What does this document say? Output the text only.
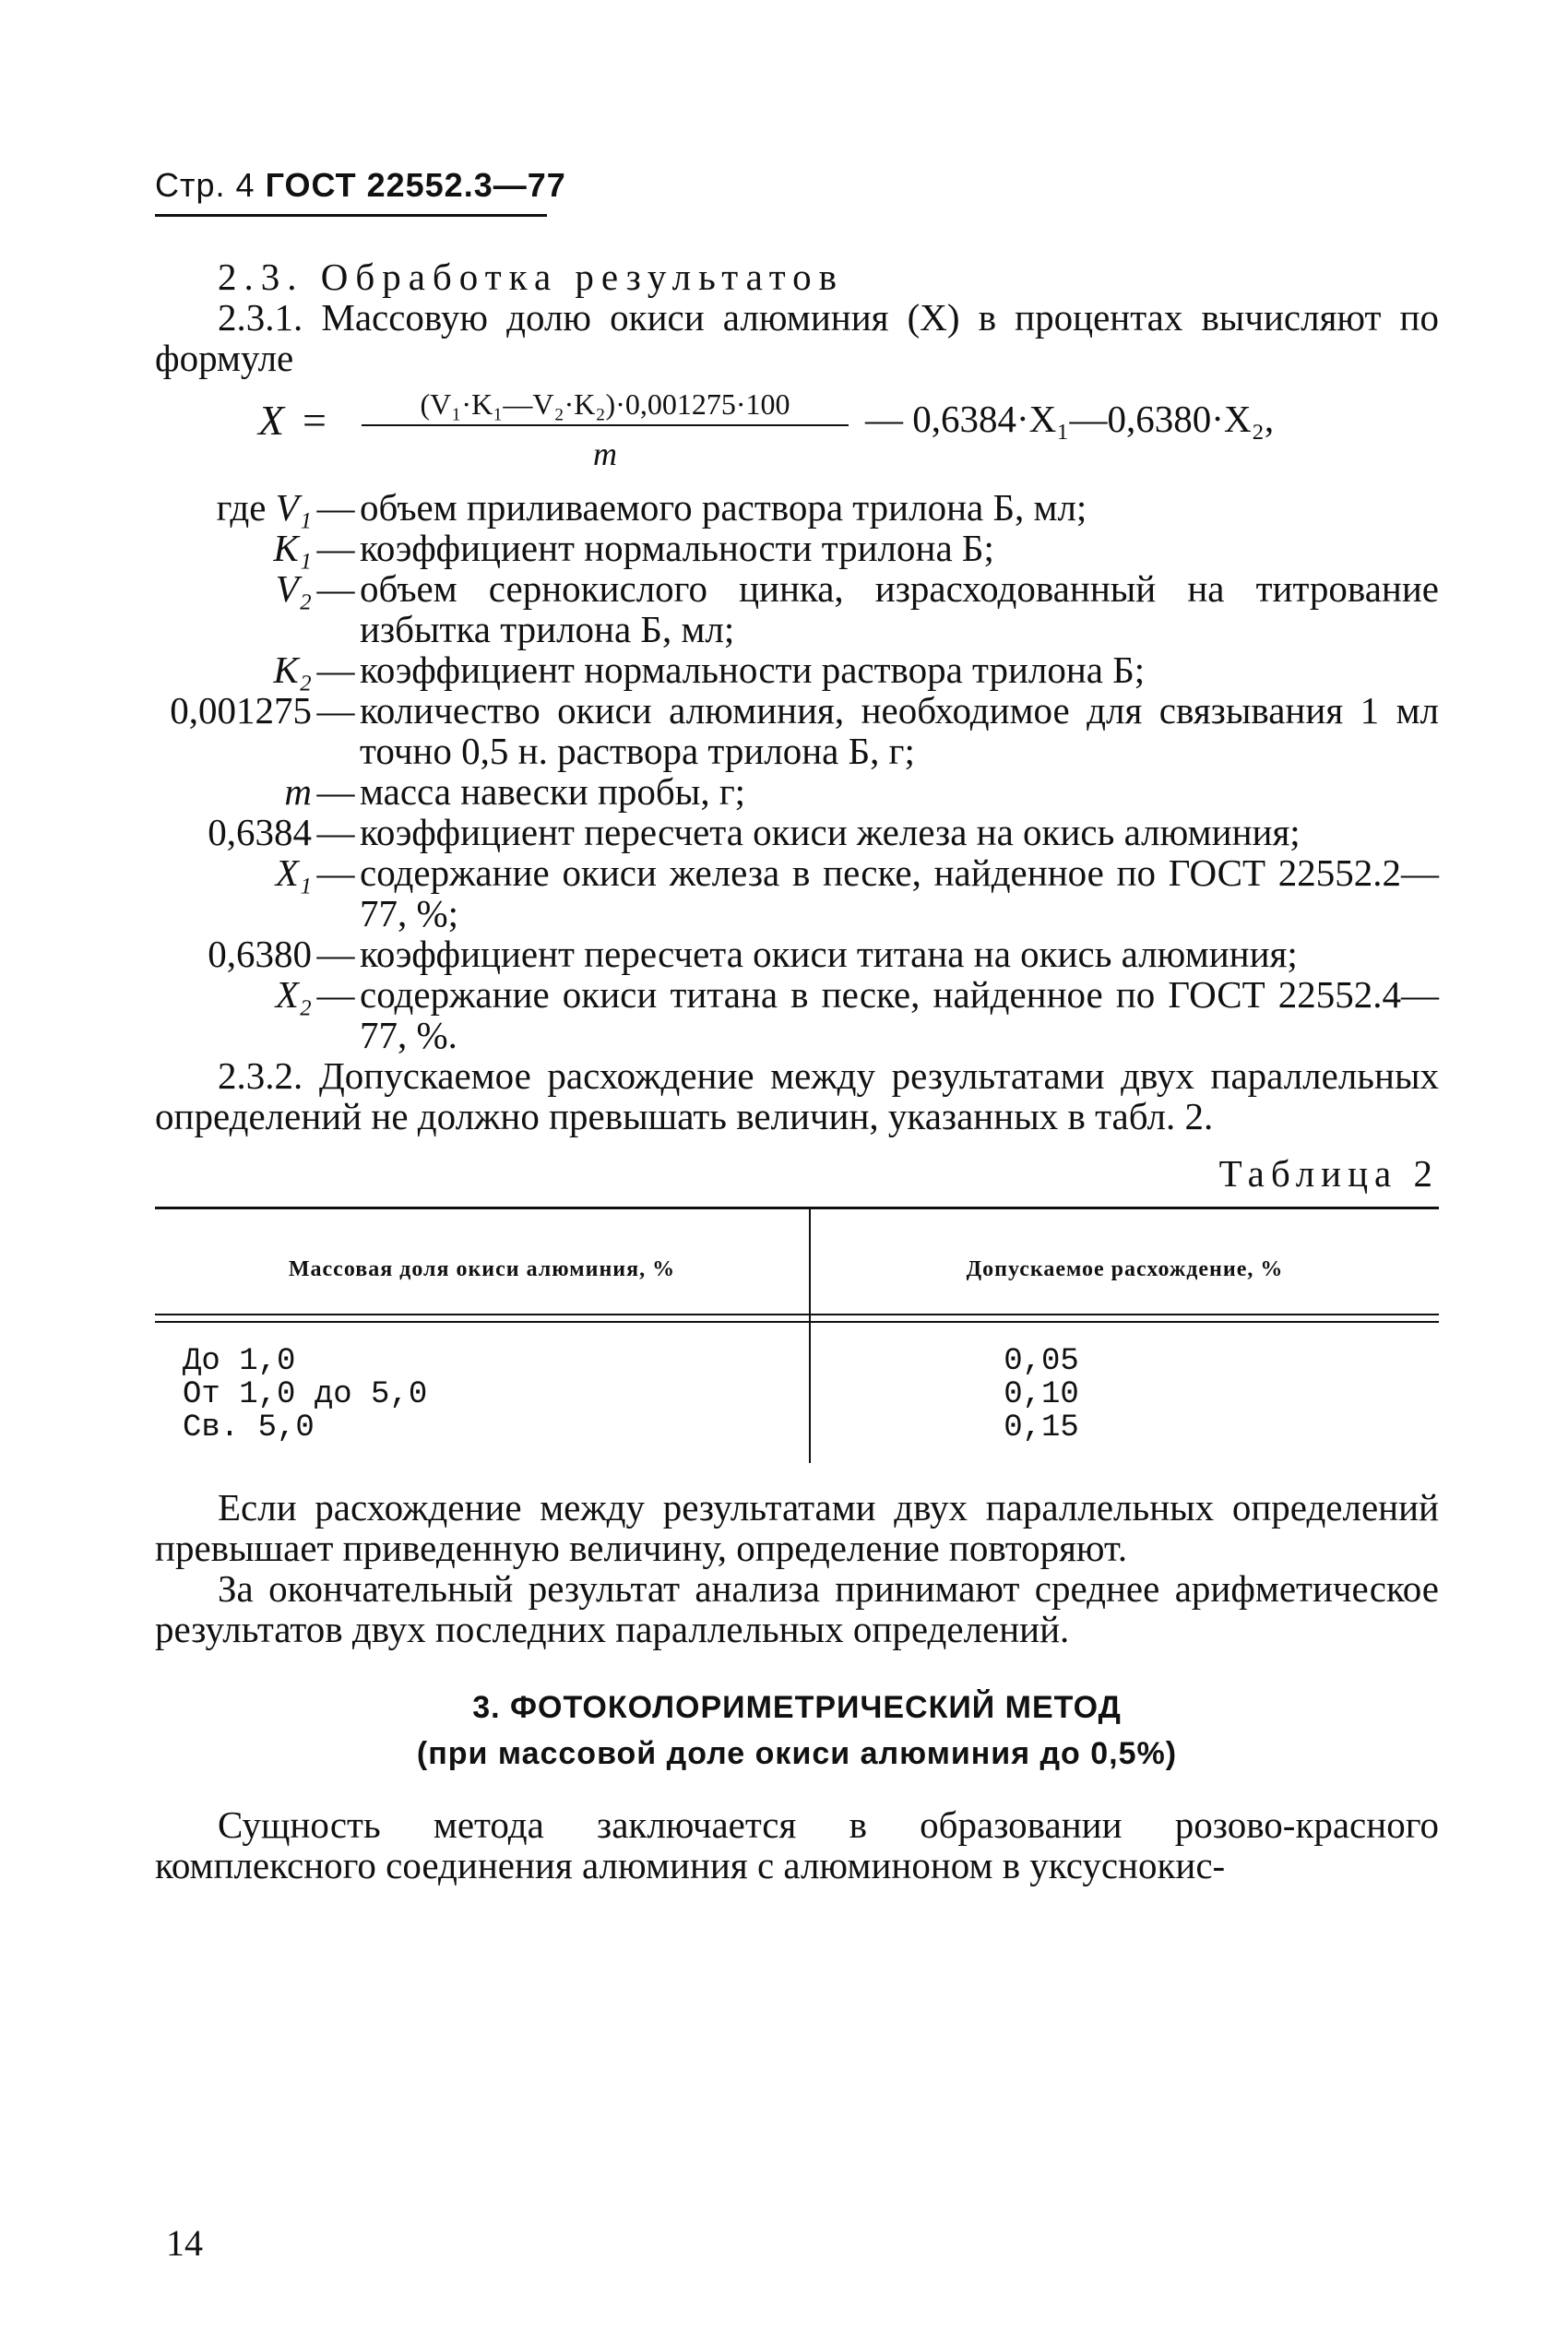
Стр. 4 ГОСТ 22552.3—77

2.3. Обработка результатов

2.3.1. Массовую долю окиси алюминия (X) в процентах вычисляют по формуле

X =	(V₁·K₁—V₂·K₂)·0,001275·100
m
— 0,6384·X₁—0,6380·X₂,
где V₁ — объем приливаемого раствора трилона Б, мл;
K₁ — коэффициент нормальности трилона Б;
V₂ — объем сернокислого цинка, израсходованный на титрование избытка трилона Б, мл;
K₂ — коэффициент нормальности раствора трилона Б;
0,001275 — количество окиси алюминия, необходимое для связывания 1 мл точно 0,5 н. раствора трилона Б, г;
m — масса навески пробы, г;
0,6384 — коэффициент пересчета окиси железа на окись алюминия;
X₁ — содержание окиси железа в песке, найденное по ГОСТ 22552.2—77, %;
0,6380 — коэффициент пересчета окиси титана на окись алюминия;
X₂ — содержание окиси титана в песке, найденное по ГОСТ 22552.4—77, %.

2.3.2. Допускаемое расхождение между результатами двух параллельных определений не должно превышать величин, указанных в табл. 2.

Таблица 2
Массовая доля окиси алюминия, %	Допускаемое расхождение, %
До 1,0
От 1,0 до 5,0
Св. 5,0
0,05
0,10
0,15

Если расхождение между результатами двух параллельных определений превышает приведенную величину, определение повторяют.

За окончательный результат анализа принимают среднее арифметическое результатов двух последних параллельных определений.

3. ФОТОКОЛОРИМЕТРИЧЕСКИЙ МЕТОД
(при массовой доле окиси алюминия до 0,5%)

Сущность метода заключается в образовании розово-красного комплексного соединения алюминия с алюминоном в уксуснокис-

14
